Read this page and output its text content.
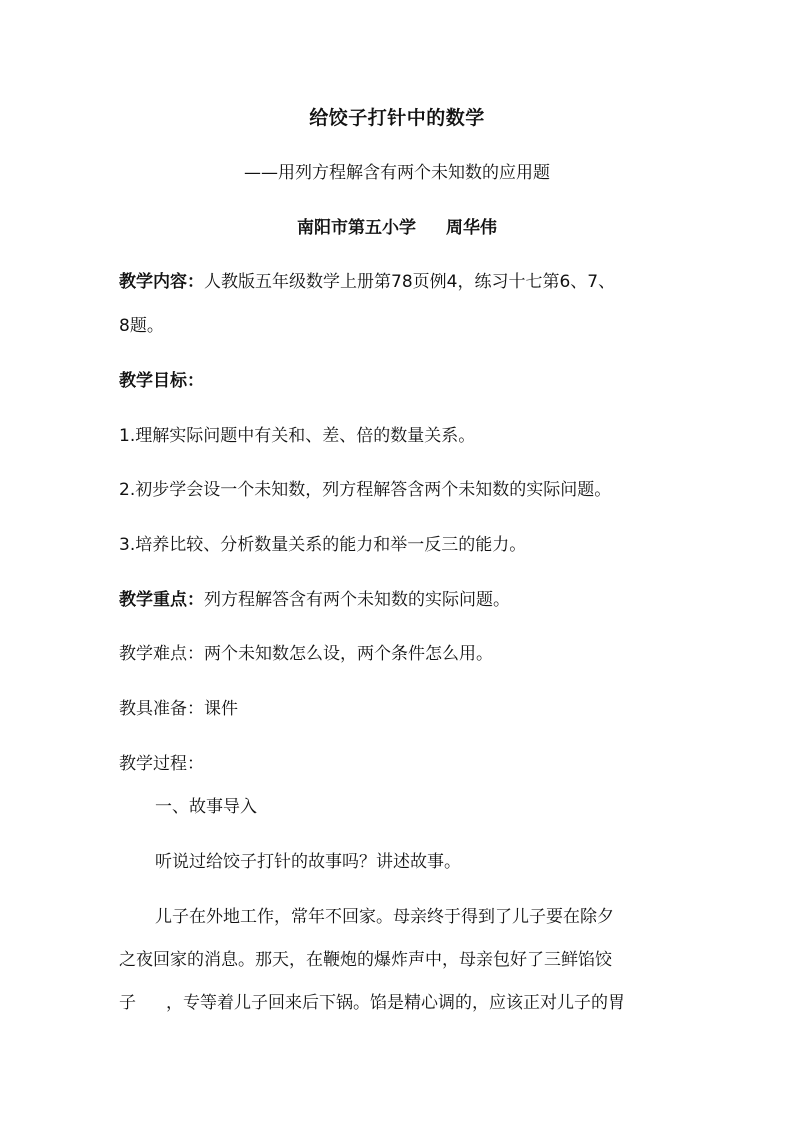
给饺子打针中的数学
——用列方程解含有两个未知数的应用题
南阳市第五小学 周华伟
教学内容：人教版五年级数学上册第78页例4，练习十七第6、7、
8题。
教学目标：
1.理解实际问题中有关和、差、倍的数量关系。
2.初步学会设一个未知数，列方程解答含两个未知数的实际问题。
3.培养比较、分析数量关系的能力和举一反三的能力。
教学重点：列方程解答含有两个未知数的实际问题。
教学难点：两个未知数怎么设，两个条件怎么用。
教具准备：课件
教学过程：
一、故事导入
听说过给饺子打针的故事吗？讲述故事。
儿子在外地工作，常年不回家。母亲终于得到了儿子要在除夕
之夜回家的消息。那天，在鞭炮的爆炸声中，母亲包好了三鲜馅饺
子 ，专等着儿子回来后下锅。馅是精心调的，应该正对儿子的胃
